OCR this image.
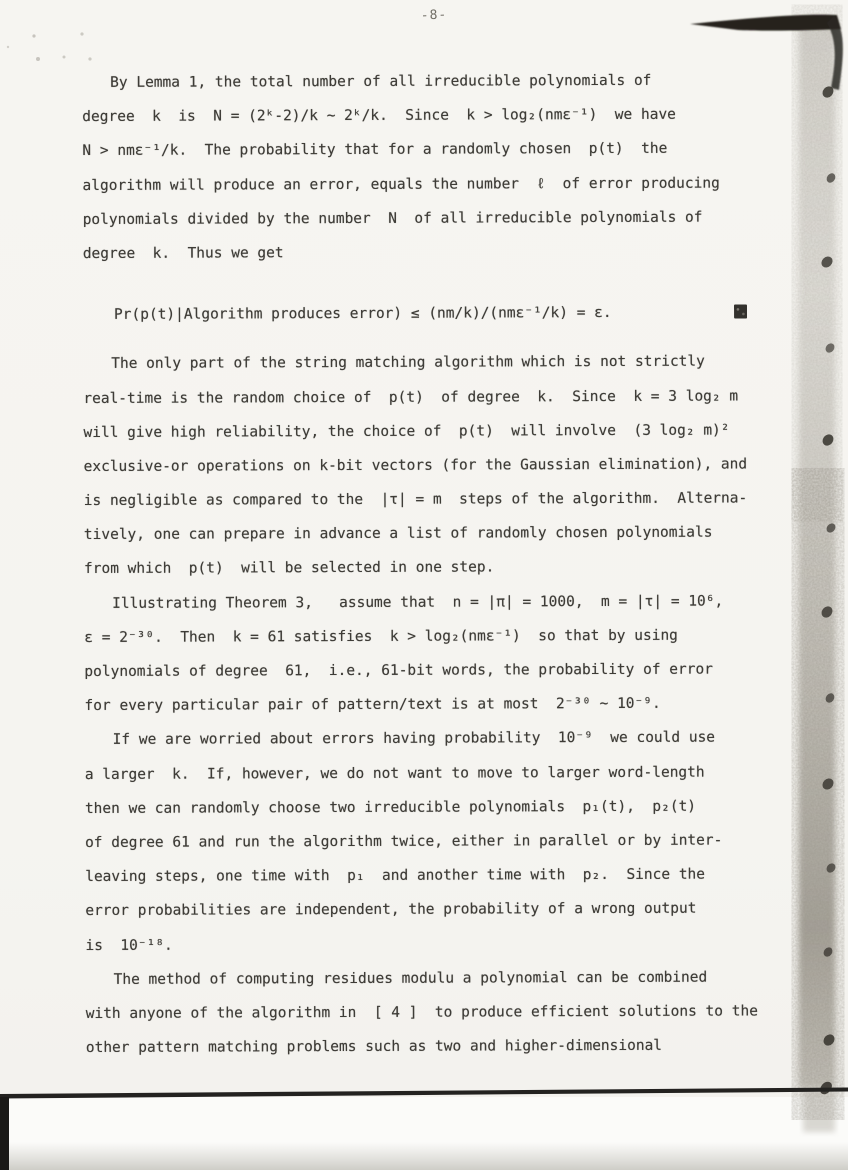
-8-
By Lemma 1, the total number of all irreducible polynomials of
degree  k  is  N = (2ᵏ-2)/k ∼ 2ᵏ/k.  Since  k > log₂(nmε⁻¹)  we have
N > nmε⁻¹/k.  The probability that for a randomly chosen  p(t)  the
algorithm will produce an error, equals the number  ℓ  of error producing
polynomials divided by the number  N  of all irreducible polynomials of
degree  k.  Thus we get
Pr(p(t)|Algorithm produces error) ≤ (nm/k)/(nmε⁻¹/k) = ε.
The only part of the string matching algorithm which is not strictly
real-time is the random choice of  p(t)  of degree  k.  Since  k = 3 log₂ m
will give high reliability, the choice of  p(t)  will involve  (3 log₂ m)²
exclusive-or operations on k-bit vectors (for the Gaussian elimination), and
is negligible as compared to the  |τ| = m  steps of the algorithm.  Alterna-
tively, one can prepare in advance a list of randomly chosen polynomials
from which  p(t)  will be selected in one step.
Illustrating Theorem 3,   assume that  n = |π| = 1000,  m = |τ| = 10⁶,
ε = 2⁻³⁰.  Then  k = 61 satisfies  k > log₂(nmε⁻¹)  so that by using
polynomials of degree  61,  i.e., 61-bit words, the probability of error
for every particular pair of pattern/text is at most  2⁻³⁰ ∼ 10⁻⁹.
If we are worried about errors having probability  10⁻⁹  we could use
a larger  k.  If, however, we do not want to move to larger word-length
then we can randomly choose two irreducible polynomials  p₁(t),  p₂(t)
of degree 61 and run the algorithm twice, either in parallel or by inter-
leaving steps, one time with  p₁  and another time with  p₂.  Since the
error probabilities are independent, the probability of a wrong output
is  10⁻¹⁸.
The method of computing residues modulu a polynomial can be combined
with anyone of the algorithm in  [ 4 ]  to produce efficient solutions to the
other pattern matching problems such as two and higher-dimensional
